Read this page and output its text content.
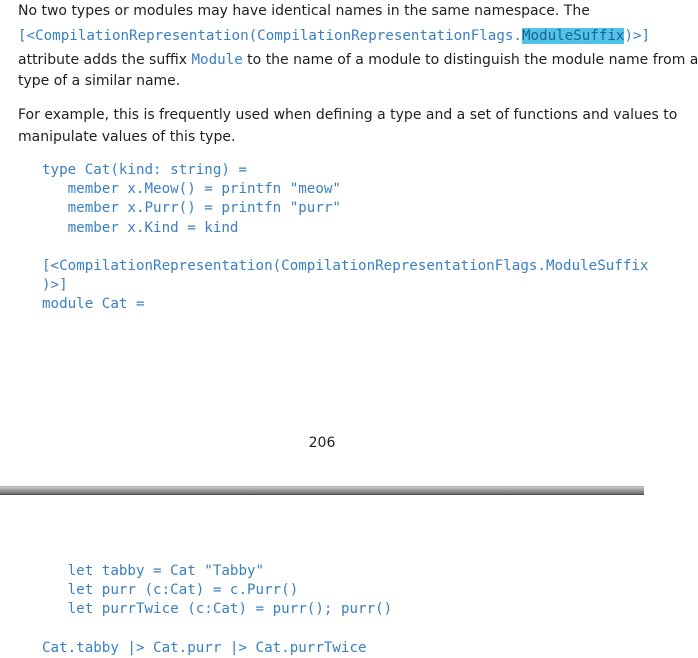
No two types or modules may have identical names in the same namespace. The

[<CompilationRepresentation(CompilationRepresentationFlags.ModuleSuffix)>]

attribute adds the suffix Module to the name of a module to distinguish the module name from a

type of a similar name.

For example, this is frequently used when defining a type and a set of functions and values to

manipulate values of this type.

type Cat(kind: string) =
member x.Meow() = printfn "meow"
member x.Purr() = printfn "purr"
member x.Kind = kind

[<CompilationRepresentation(CompilationRepresentationFlags.ModuleSuffix
)>]
module Cat =
206
let tabby = Cat "Tabby"
let purr (c:Cat) = c.Purr()
let purrTwice (c:Cat) = purr(); purr()

Cat.tabby |> Cat.purr |> Cat.purrTwice
